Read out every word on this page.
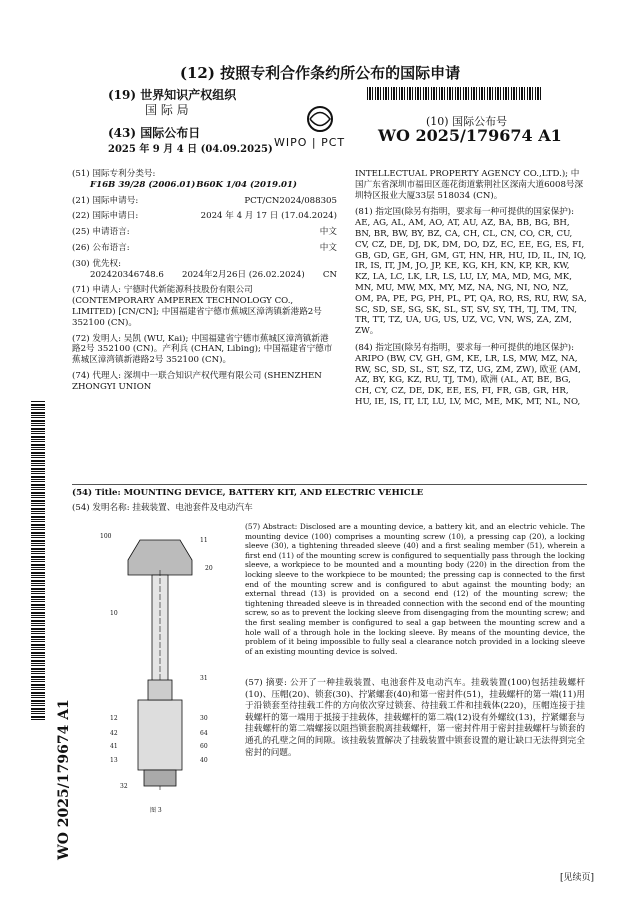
(12) 按照专利合作条约所公布的国际申请
(19) 世界知识产权组织
国 际 局
(43) 国际公布日
2025 年 9 月 4 日 (04.09.2025)
WIPO | PCT
(10) 国际公布号
WO 2025/179674 A1
WO 2025/179674 A1
(51) 国际专利分类号:
F16B 39/28 (2006.01) B60K 1/04 (2019.01)
(21) 国际申请号:	PCT/CN2024/088305
(22) 国际申请日:	2024 年 4 月 17 日 (17.04.2024)
(25) 申请语言:	中文
(26) 公布语言:	中文
(30) 优先权:
202420346748.6 2024年2月26日 (26.02.2024) CN
(71) 申请人: 宁德时代新能源科技股份有限公司 (CONTEMPORARY AMPEREX TECHNOLOGY CO., LIMITED) [CN/CN]; 中国福建省宁德市蕉城区漳湾镇新港路2号 352100 (CN)。
(72) 发明人: 吴凯 (WU, Kai); 中国福建省宁德市蕉城区漳湾镇新港路2号 352100 (CN)。产利兵 (CHAN, Libing); 中国福建省宁德市蕉城区漳湾镇新港路2号 352100 (CN)。
(74) 代理人: 深圳中一联合知识产权代理有限公司 (SHENZHEN ZHONGYI UNION
INTELLECTUAL PROPERTY AGENCY CO.,LTD.); 中国广东省深圳市福田区莲花街道紫荆社区深南大道6008号深圳特区报业大厦33层 518034 (CN)。
(81) 指定国(除另有指明，要求每一种可提供的国家保护): AE, AG, AL, AM, AO, AT, AU, AZ, BA, BB, BG, BH, BN, BR, BW, BY, BZ, CA, CH, CL, CN, CO, CR, CU, CV, CZ, DE, DJ, DK, DM, DO, DZ, EC, EE, EG, ES, FI, GB, GD, GE, GH, GM, GT, HN, HR, HU, ID, IL, IN, IQ, IR, IS, IT, JM, JO, JP, KE, KG, KH, KN, KP, KR, KW, KZ, LA, LC, LK, LR, LS, LU, LY, MA, MD, MG, MK, MN, MU, MW, MX, MY, MZ, NA, NG, NI, NO, NZ, OM, PA, PE, PG, PH, PL, PT, QA, RO, RS, RU, RW, SA, SC, SD, SE, SG, SK, SL, ST, SV, SY, TH, TJ, TM, TN, TR, TT, TZ, UA, UG, US, UZ, VC, VN, WS, ZA, ZM, ZW。
(84) 指定国(除另有指明，要求每一种可提供的地区保护): ARIPO (BW, CV, GH, GM, KE, LR, LS, MW, MZ, NA, RW, SC, SD, SL, ST, SZ, TZ, UG, ZM, ZW), 欧亚 (AM, AZ, BY, KG, KZ, RU, TJ, TM), 欧洲 (AL, AT, BE, BG, CH, CY, CZ, DE, DK, EE, ES, FI, FR, GB, GR, HR, HU, IE, IS, IT, LT, LU, LV, MC, ME, MK, MT, NL, NO,
(54) Title: MOUNTING DEVICE, BATTERY KIT, AND ELECTRIC VEHICLE
(54) 发明名称: 挂载装置、电池套件及电动汽车
100
11
20
10
31
12
42
41
13
30
64
60
40
32
图 3
(57) Abstract: Disclosed are a mounting device, a battery kit, and an electric vehicle. The mounting device (100) comprises a mounting screw (10), a pressing cap (20), a locking sleeve (30), a tightening threaded sleeve (40) and a first sealing member (51), wherein a first end (11) of the mounting screw is configured to sequentially pass through the locking sleeve, a workpiece to be mounted and a mounting body (220) in the direction from the locking sleeve to the workpiece to be mounted; the pressing cap is connected to the first end of the mounting screw and is configured to abut against the mounting body; an external thread (13) is provided on a second end (12) of the mounting screw; the tightening threaded sleeve is in threaded connection with the second end of the mounting screw, so as to prevent the locking sleeve from disengaging from the mounting screw; and the first sealing member is configured to seal a gap between the mounting screw and a hole wall of a through hole in the locking sleeve. By means of the mounting device, the problem of it being impossible to fully seal a clearance notch provided in a locking sleeve of an existing mounting device is solved.
(57) 摘要: 公开了一种挂载装置、电池套件及电动汽车。挂载装置(100)包括挂载螺杆(10)、压帽(20)、锁套(30)、拧紧螺套(40)和第一密封件(51)，挂载螺杆的第一端(11)用于沿锁套至待挂载工件的方向依次穿过锁套、待挂载工件和挂载体(220)，压帽连接于挂载螺杆的第一端用于抵接于挂载体，挂载螺杆的第二端(12)设有外螺纹(13)，拧紧螺套与挂载螺杆的第二端螺接以阻挡锁套脱离挂载螺杆，第一密封件用于密封挂载螺杆与锁套的通孔的孔壁之间的间隙。该挂载装置解决了挂载装置中锁套设置的避让缺口无法得到完全密封的问题。
[见续页]
